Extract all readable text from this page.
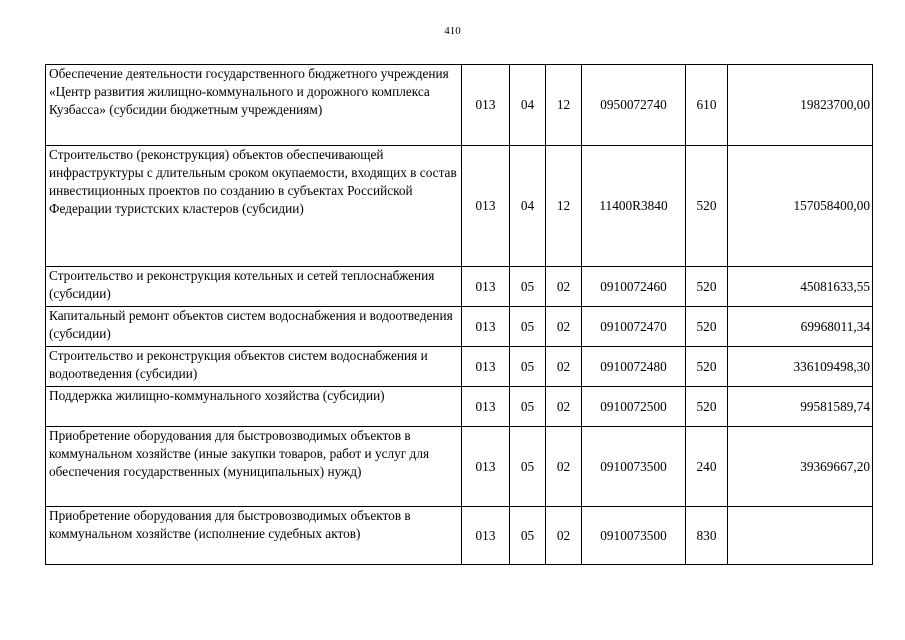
410
Обеспечение деятельности государственного бюджетного учреждения «Центр развития жилищно-коммунального и дорожного комплекса Кузбасса» (субсидии бюджетным учреждениям)	013	04	12	0950072740	610	19823700,00
Строительство (реконструкция) объектов обеспечивающей инфраструктуры с длительным сроком окупаемости, входящих в состав инвестиционных проектов по созданию в субъектах Российской Федерации туристских кластеров (субсидии)	013	04	12	11400R3840	520	157058400,00
Строительство и реконструкция котельных и сетей теплоснабжения (субсидии)	013	05	02	0910072460	520	45081633,55
Капитальный ремонт объектов систем водоснабжения и водоотведения (субсидии)	013	05	02	0910072470	520	69968011,34
Строительство и реконструкция объектов систем водоснабжения и водоотведения (субсидии)	013	05	02	0910072480	520	336109498,30
Поддержка жилищно-коммунального хозяйства (субсидии)	013	05	02	0910072500	520	99581589,74
Приобретение оборудования для быстровозводимых объектов в коммунальном хозяйстве (иные закупки товаров, работ и услуг для обеспечения государственных (муниципальных) нужд)	013	05	02	0910073500	240	39369667,20
Приобретение оборудования для быстровозводимых объектов в коммунальном хозяйстве (исполнение судебных актов)	013	05	02	0910073500	830	
